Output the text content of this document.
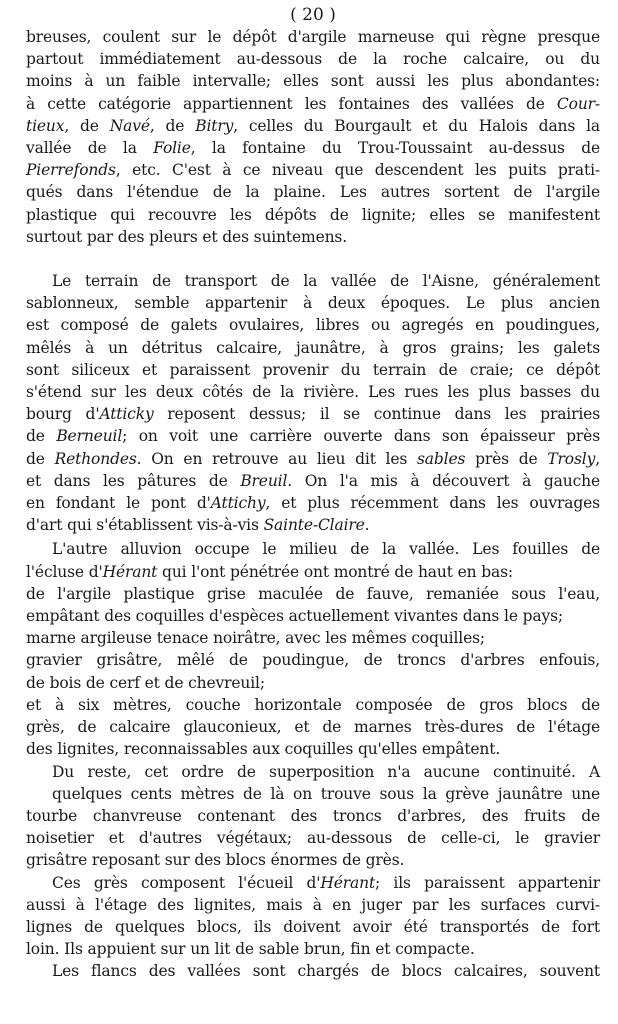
( 20 )
breuses, coulent sur le dépôt d'argile marneuse qui règne presque
partout immédiatement au-dessous de la roche calcaire, ou du
moins à un faible intervalle; elles sont aussi les plus abondantes:
à cette catégorie appartiennent les fontaines des vallées de Cour-
tieux, de Navé, de Bitry, celles du Bourgault et du Halois dans la
vallée de la Folie, la fontaine du Trou-Toussaint au-dessus de
Pierrefonds, etc. C'est à ce niveau que descendent les puits prati-
qués dans l'étendue de la plaine. Les autres sortent de l'argile
plastique qui recouvre les dépôts de lignite; elles se manifestent
surtout par des pleurs et des suintemens.
Le terrain de transport de la vallée de l'Aisne, généralement
sablonneux, semble appartenir à deux époques. Le plus ancien
est composé de galets ovulaires, libres ou agregés en poudingues,
mêlés à un détritus calcaire, jaunâtre, à gros grains; les galets
sont siliceux et paraissent provenir du terrain de craie; ce dépôt
s'étend sur les deux côtés de la rivière. Les rues les plus basses du
bourg d'Atticky reposent dessus; il se continue dans les prairies
de Berneuil; on voit une carrière ouverte dans son épaisseur près
de Rethondes. On en retrouve au lieu dit les sables près de Trosly,
et dans les pâtures de Breuil. On l'a mis à découvert à gauche
en fondant le pont d'Attichy, et plus récemment dans les ouvrages
d'art qui s'établissent vis-à-vis Sainte-Claire.
L'autre alluvion occupe le milieu de la vallée. Les fouilles de
l'écluse d'Hérant qui l'ont pénétrée ont montré de haut en bas:
de l'argile plastique grise maculée de fauve, remaniée sous l'eau,
empâtant des coquilles d'espèces actuellement vivantes dans le pays;
marne argileuse tenace noirâtre, avec les mêmes coquilles;
gravier grisâtre, mêlé de poudingue, de troncs d'arbres enfouis,
de bois de cerf et de chevreuil;
et à six mètres, couche horizontale composée de gros blocs de
grès, de calcaire glauconieux, et de marnes très-dures de l'étage
des lignites, reconnaissables aux coquilles qu'elles empâtent.
Du reste, cet ordre de superposition n'a aucune continuité. A
quelques cents mètres de là on trouve sous la grève jaunâtre une
tourbe chanvreuse contenant des troncs d'arbres, des fruits de
noisetier et d'autres végétaux; au-dessous de celle-ci, le gravier
grisâtre reposant sur des blocs énormes de grès.
Ces grès composent l'écueil d'Hérant; ils paraissent appartenir
aussi à l'étage des lignites, mais à en juger par les surfaces curvi-
lignes de quelques blocs, ils doivent avoir été transportés de fort
loin. Ils appuient sur un lit de sable brun, fin et compacte.
Les flancs des vallées sont chargés de blocs calcaires, souvent
